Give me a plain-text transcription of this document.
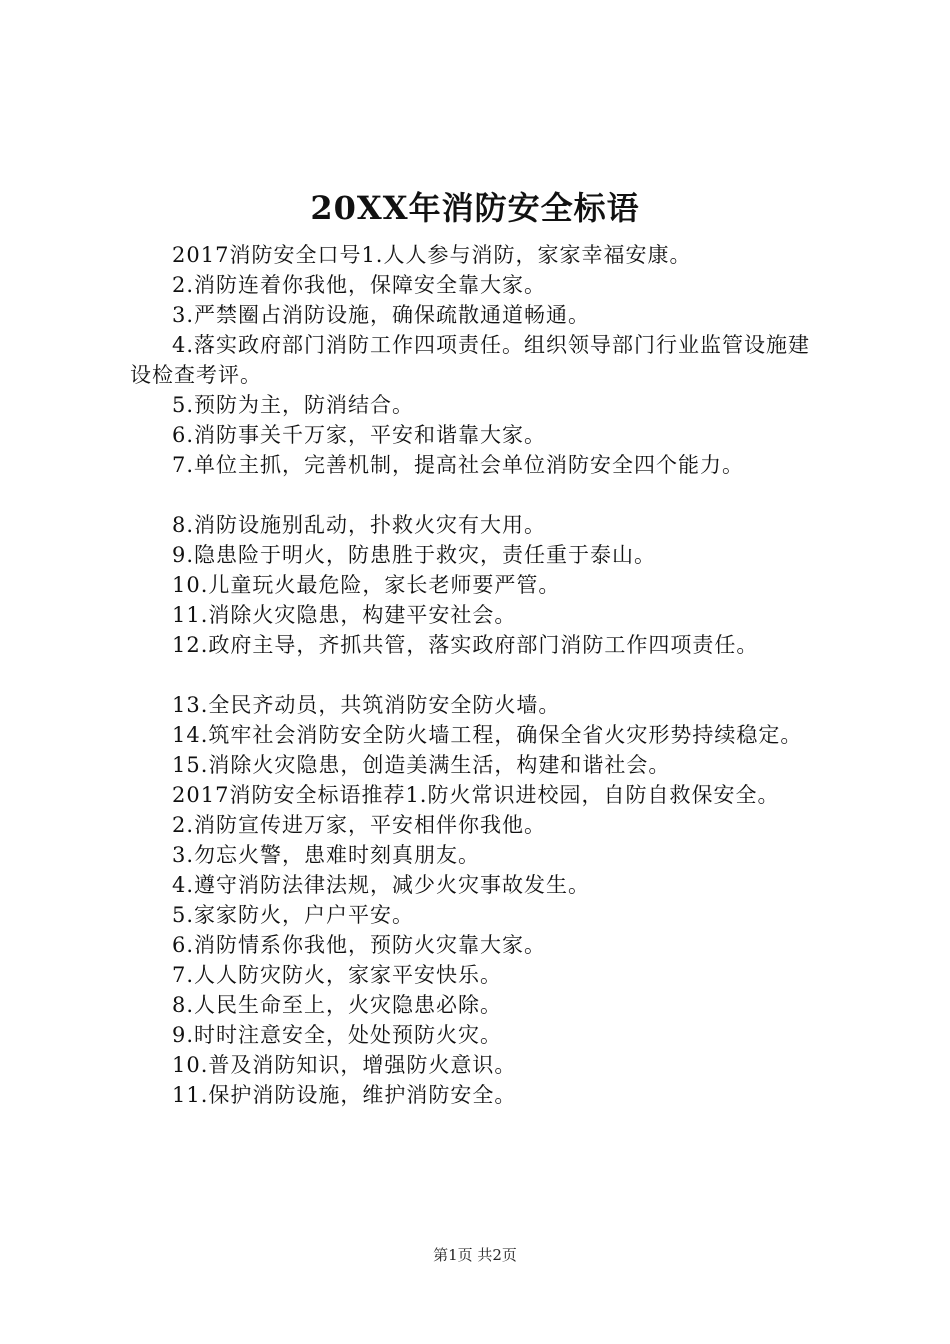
20XX年消防安全标语

2017消防安全口号1.人人参与消防，家家幸福安康。

2.消防连着你我他，保障安全靠大家。

3.严禁圈占消防设施，确保疏散通道畅通。

4.落实政府部门消防工作四项责任。组织领导部门行业监管设施建设检查考评。

5.预防为主，防消结合。

6.消防事关千万家，平安和谐靠大家。

7.单位主抓，完善机制，提高社会单位消防安全四个能力。

8.消防设施别乱动，扑救火灾有大用。

9.隐患险于明火，防患胜于救灾，责任重于泰山。

10.儿童玩火最危险，家长老师要严管。

11.消除火灾隐患，构建平安社会。

12.政府主导，齐抓共管，落实政府部门消防工作四项责任。

13.全民齐动员，共筑消防安全防火墙。

14.筑牢社会消防安全防火墙工程，确保全省火灾形势持续稳定。

15.消除火灾隐患，创造美满生活，构建和谐社会。

2017消防安全标语推荐1.防火常识进校园，自防自救保安全。

2.消防宣传进万家，平安相伴你我他。

3.勿忘火警，患难时刻真朋友。

4.遵守消防法律法规，减少火灾事故发生。

5.家家防火，户户平安。

6.消防情系你我他，预防火灾靠大家。

7.人人防灾防火，家家平安快乐。

8.人民生命至上，火灾隐患必除。

9.时时注意安全，处处预防火灾。

10.普及消防知识，增强防火意识。

11.保护消防设施，维护消防安全。

第1页 共2页
